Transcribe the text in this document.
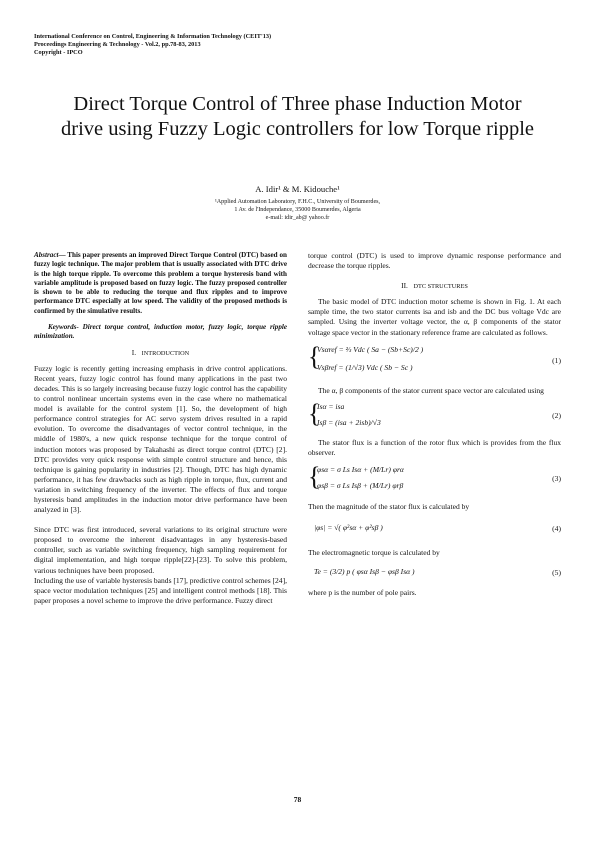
International Conference on Control, Engineering & Information Technology (CEIT'13)
Proceedings Engineering & Technology - Vol.2, pp.78-83, 2013
Copyright - IPCO
Direct Torque Control of Three phase Induction Motor drive using Fuzzy Logic controllers for low Torque ripple
A. Idir¹ & M. Kidouche¹
¹Applied Automation Laboratory, F.H.C., University of Boumerdes,
1 Av. de l'Independance, 35000 Boumerdes, Algeria
e-mail: idir_ab@ yahoo.fr

Abstract— This paper presents an improved Direct Torque Control (DTC) based on fuzzy logic technique. The major problem that is usually associated with DTC drive is the high torque ripple. To overcome this problem a torque hysteresis band with variable amplitude is proposed based on fuzzy logic. The fuzzy proposed controller is shown to be able to reducing the torque and flux ripples and to improve performance DTC especially at low speed. The validity of the proposed methods is confirmed by the simulative results.

Keywords- Direct torque control, induction motor, fuzzy logic, torque ripple minimization.

I. INTRODUCTION

Fuzzy logic is recently getting increasing emphasis in drive control applications. Recent years, fuzzy logic control has found many applications in the past two decades. This is so largely increasing because fuzzy logic control has the capability to control nonlinear uncertain systems even in the case where no mathematical model is available for the control system [1]. So, the development of high performance control strategies for AC servo system drives resulted in a rapid evolution. To overcome the disadvantages of vector control technique, in the middle of 1980's, a new quick response technique for the torque control of induction motors was proposed by Takahashi as direct torque control (DTC) [2]. DTC provides very quick response with simple control structure and hence, this technique is gaining popularity in industries [2]. Though, DTC has high dynamic performance, it has few drawbacks such as high ripple in torque, flux, current and variation in switching frequency of the inverter. The effects of flux and torque hysteresis band amplitudes in the induction motor drive performance have been analyzed in [3].

Since DTC was first introduced, several variations to its original structure were proposed to overcome the inherent disadvantages in any hysteresis-based controller, such as variable switching frequency, high sampling requirement for digital implementation, and high torque ripple[22]-[23]. To solve this problem, various techniques have been proposed.

Including the use of variable hysteresis bands [17], predictive control schemes [24], space vector modulation techniques [25] and intelligent control methods [18]. This paper proposes a novel scheme to improve the drive performance. Fuzzy direct

torque control (DTC) is used to improve dynamic response performance and decrease the torque ripples.

II. DTC STRUCTURES

The basic model of DTC induction motor scheme is shown in Fig. 1. At each sample time, the two stator currents isa and isb and the DC bus voltage Vdc are sampled. Using the inverter voltage vector, the α, β components of the stator voltage space vector in the stationary reference frame are calculated as follows.

{
Vsαref = ⅔ Vdc ( Sa − (Sb+Sc)/2 )
Vsβref = (1/√3) Vdc ( Sb − Sc )
(1)

The α, β components of the stator current space vector are calculated using

{
Isα = isa
Isβ = (isa + 2isb)/√3
(2)

The stator flux is a function of the rotor flux which is provides from the flux observer.

{
φsα = σ Ls Isα + (M/Lr) φrα
φsβ = σ Ls Isβ + (M/Lr) φrβ
(3)

Then the magnitude of the stator flux is calculated by

|φs| = √( φ²sα + φ²sβ )	(4)

The electromagnetic torque is calculated by

Te = (3/2) p ( φsα Isβ − φsβ Isα )	(5)

where p is the number of pole pairs.

78
